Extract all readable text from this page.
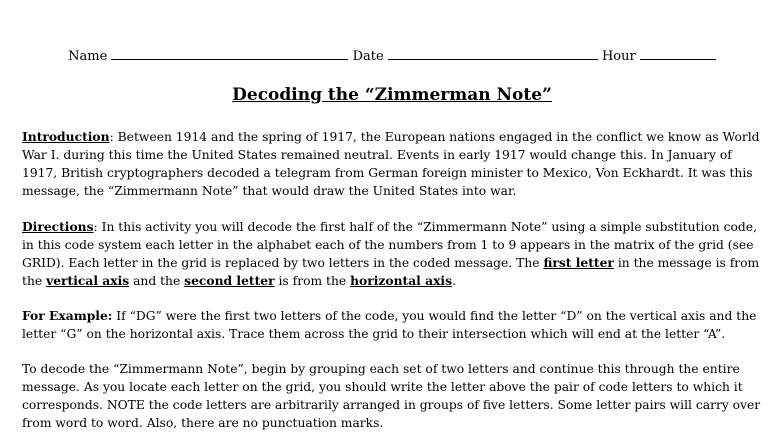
Name	Date	Hour
Decoding the “Zimmerman Note”

Introduction: Between 1914 and the spring of 1917, the European nations engaged in the conflict we know as World War I. during this time the United States remained neutral. Events in early 1917 would change this. In January of 1917, British cryptographers decoded a telegram from German foreign minister to Mexico, Von Eckhardt. It was this message, the “Zimmermann Note” that would draw the United States into war.

Directions: In this activity you will decode the first half of the “Zimmermann Note” using a simple substitution code, in this code system each letter in the alphabet each of the numbers from 1 to 9 appears in the matrix of the grid (see GRID). Each letter in the grid is replaced by two letters in the coded message. The first letter in the message is from the vertical axis and the second letter is from the horizontal axis.

For Example: If “DG” were the first two letters of the code, you would find the letter “D” on the vertical axis and the letter “G” on the horizontal axis. Trace them across the grid to their intersection which will end at the letter “A”.

To decode the “Zimmermann Note”, begin by grouping each set of two letters and continue this through the entire message. As you locate each letter on the grid, you should write the letter above the pair of code letters to which it corresponds. NOTE the code letters are arbitrarily arranged in groups of five letters. Some letter pairs will carry over from word to word. Also, there are no punctuation marks.
